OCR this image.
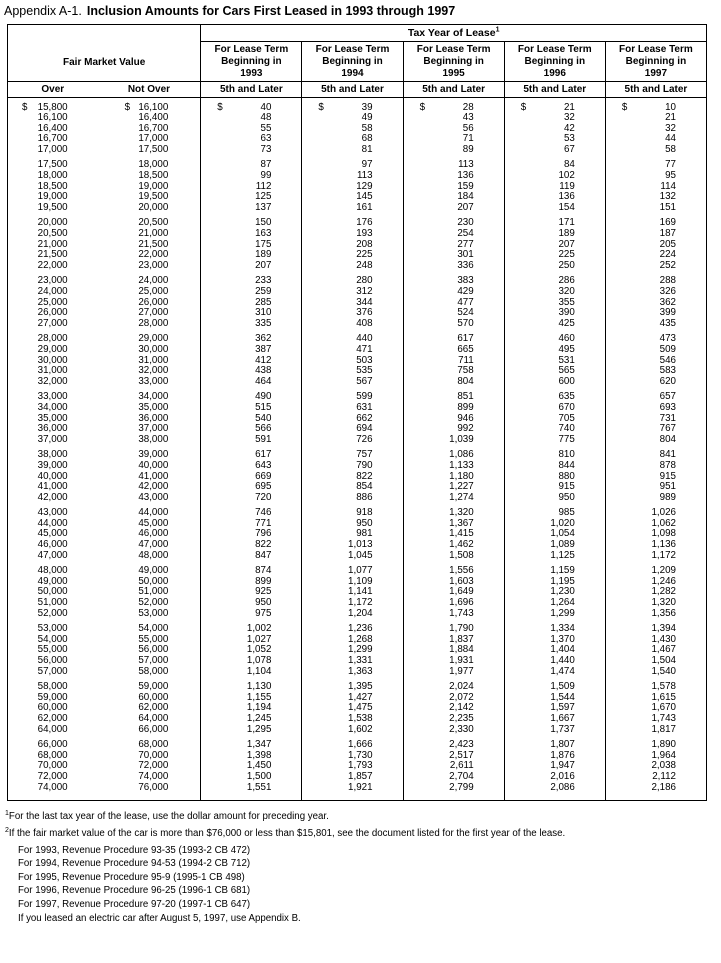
Appendix A-1. Inclusion Amounts for Cars First Leased in 1993 through 1997
Fair Market Value		Tax Year of Lease$^1$

For Lease Term
Beginning in
1993

For Lease Term
Beginning in
1994

For Lease Term
Beginning in
1995

For Lease Term
Beginning in
1996

For Lease Term
Beginning in
1997

Over	Not Over	5th and Later	5th and Later	5th and Later	5th and Later	5th and Later

$ 15,800	$ 16,100	$ 40	$ 39	$ 28	$ 21	$ 10

16,100	16,400	48	49	43	32	21

16,400	16,700	55	58	56	42	32

16,700	17,000	63	68	71	53	44

17,000	17,500	73	81	89	67	58

17,500	18,000	87	97	113	84	77

18,000	18,500	99	113	136	102	95

18,500	19,000	112	129	159	119	114

19,000	19,500	125	145	184	136	132

19,500	20,000	137	161	207	154	151

20,000	20,500	150	176	230	171	169

20,500	21,000	163	193	254	189	187

21,000	21,500	175	208	277	207	205

21,500	22,000	189	225	301	225	224

22,000	23,000	207	248	336	250	252

23,000	24,000	233	280	383	286	288

24,000	25,000	259	312	429	320	326

25,000	26,000	285	344	477	355	362

26,000	27,000	310	376	524	390	399

27,000	28,000	335	408	570	425	435

28,000	29,000	362	440	617	460	473

29,000	30,000	387	471	665	495	509

30,000	31,000	412	503	711	531	546

31,000	32,000	438	535	758	565	583

32,000	33,000	464	567	804	600	620

33,000	34,000	490	599	851	635	657

34,000	35,000	515	631	899	670	693

35,000	36,000	540	662	946	705	731

36,000	37,000	566	694	992	740	767

37,000	38,000	591	726	1,039	775	804

38,000	39,000	617	757	1,086	810	841

39,000	40,000	643	790	1,133	844	878

40,000	41,000	669	822	1,180	880	915

41,000	42,000	695	854	1,227	915	951

42,000	43,000	720	886	1,274	950	989

43,000	44,000	746	918	1,320	985	1,026

44,000	45,000	771	950	1,367	1,020	1,062

45,000	46,000	796	981	1,415	1,054	1,098

46,000	47,000	822	1,013	1,462	1,089	1,136

47,000	48,000	847	1,045	1,508	1,125	1,172

48,000	49,000	874	1,077	1,556	1,159	1,209

49,000	50,000	899	1,109	1,603	1,195	1,246

50,000	51,000	925	1,141	1,649	1,230	1,282

51,000	52,000	950	1,172	1,696	1,264	1,320

52,000	53,000	975	1,204	1,743	1,299	1,356

53,000	54,000	1,002	1,236	1,790	1,334	1,394

54,000	55,000	1,027	1,268	1,837	1,370	1,430

55,000	56,000	1,052	1,299	1,884	1,404	1,467

56,000	57,000	1,078	1,331	1,931	1,440	1,504

57,000	58,000	1,104	1,363	1,977	1,474	1,540

58,000	59,000	1,130	1,395	2,024	1,509	1,578

59,000	60,000	1,155	1,427	2,072	1,544	1,615

60,000	62,000	1,194	1,475	2,142	1,597	1,670

62,000	64,000	1,245	1,538	2,235	1,667	1,743

64,000	66,000	1,295	1,602	2,330	1,737	1,817

66,000	68,000	1,347	1,666	2,423	1,807	1,890

68,000	70,000	1,398	1,730	2,517	1,876	1,964

70,000	72,000	1,450	1,793	2,611	1,947	2,038

72,000	74,000	1,500	1,857	2,704	2,016	2,112

74,000	76,000	1,551	1,921	2,799	2,086	2,186

$^1$For the last tax year of the lease, use the dollar amount for preceding year.

$^2$If the fair market value of the car is more than $76,000 or less than $15,801, see the document listed for the first year of the lease.

For 1993, Revenue Procedure 93-35 (1993-2 CB 472)

For 1994, Revenue Procedure 94-53 (1994-2 CB 712)

For 1995, Revenue Procedure 95-9 (1995-1 CB 498)

For 1996, Revenue Procedure 96-25 (1996-1 CB 681)

For 1997, Revenue Procedure 97-20 (1997-1 CB 647)

If you leased an electric car after August 5, 1997, use Appendix B.
